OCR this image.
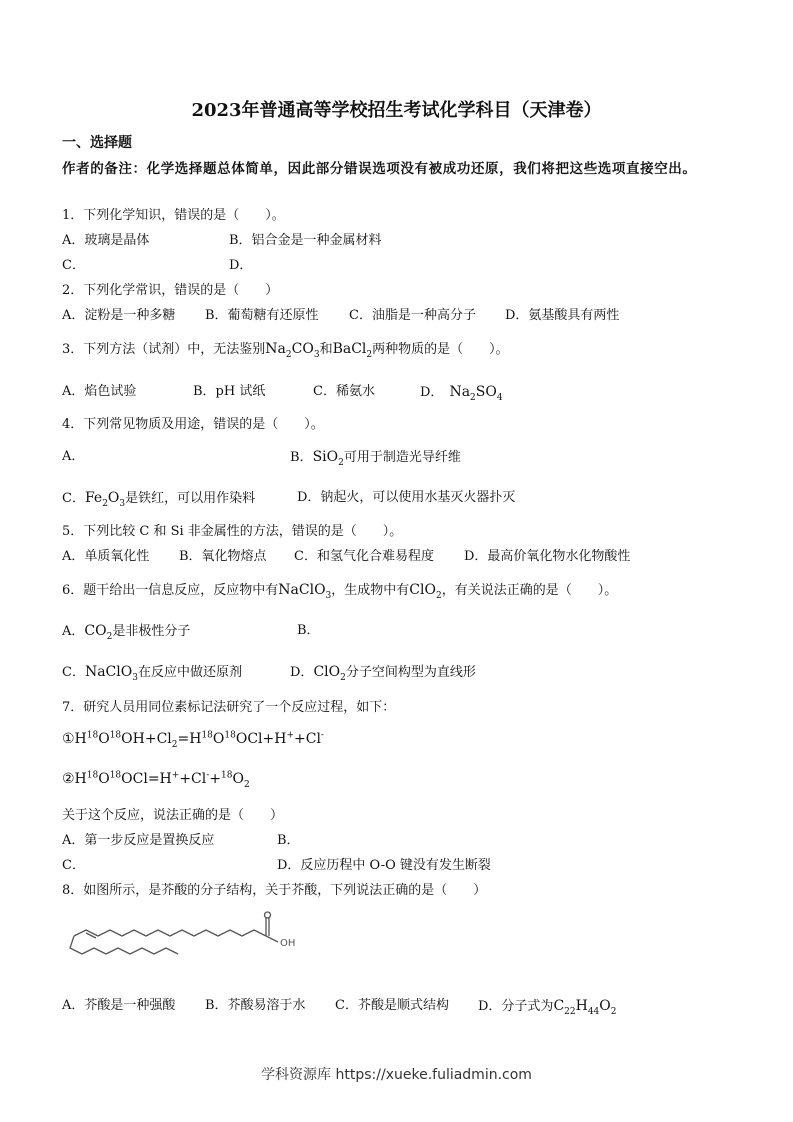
2023年普通高等学校招生考试化学科目（天津卷）
一、选择题
作者的备注：化学选择题总体简单，因此部分错误选项没有被成功还原，我们将把这些选项直接空出。
1．下列化学知识，错误的是（　　）。
A．玻璃是晶体	B．铝合金是一种金属材料
C．	D．
2．下列化学常识，错误的是（　　）
A．淀粉是一种多糖 B．葡萄糖有还原性 C．油脂是一种高分子 D．氨基酸具有两性
3．下列方法（试剂）中，无法鉴别$Na_2CO_3$和BaCl$_2$两种物质的是（　　）。
A．焰色试验	B．pH 试纸	C．稀氨水	D． $Na_2SO_4$
4．下列常见物质及用途，错误的是（　　）。
A．	B．SiO$_2$可用于制造光导纤维
C．$Fe_2O_3$是铁红，可以用作染料	D．钠起火，可以使用水基灭火器扑灭
5．下列比较 C 和 Si 非金属性的方法，错误的是（　　）。
A．单质氧化性 B．氧化物熔点 C．和氢气化合难易程度 D．最高价氧化物水化物酸性
6．题干给出一信息反应，反应物中有NaClO$_3$，生成物中有ClO$_2$，有关说法正确的是（　　）。
A．$CO_2$是非极性分子	B．
C．NaClO$_3$在反应中做还原剂	D．ClO$_2$分子空间构型为直线形
7．研究人员用同位素标记法研究了一个反应过程，如下：
$①H^{18}O^{18}OH+Cl_2=H^{18}O^{18}OCl+H^++Cl^-$
$②H^{18}O^{18}OCl=H^++Cl^-+^{18}O_2$
关于这个反应，说法正确的是（　　）
A．第一步反应是置换反应	B．
C．	D．反应历程中 O-O 键没有发生断裂
8．如图所示，是芥酸的分子结构，关于芥酸，下列说法正确的是（　　）
OH
A．芥酸是一种强酸 B．芥酸易溶于水 C．芥酸是顺式结构 D．分子式为$C_{22}H_{44}O_2$
学科资源库 https://xueke.fuliadmin.com
